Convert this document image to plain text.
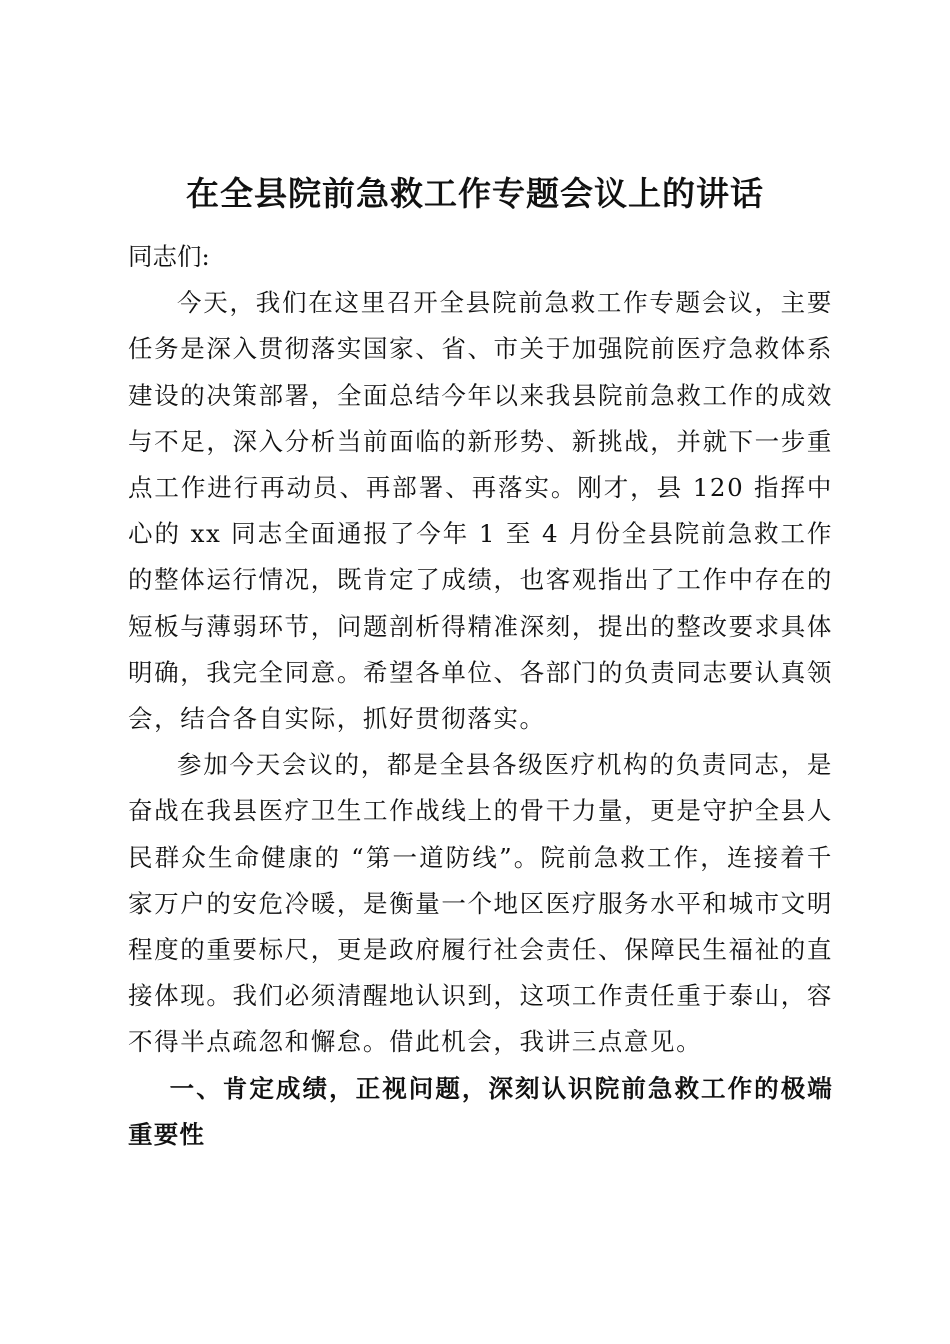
在全县院前急救工作专题会议上的讲话

同志们:

今天，我们在这里召开全县院前急救工作专题会议，主要任务是深入贯彻落实国家、省、市关于加强院前医疗急救体系建设的决策部署，全面总结今年以来我县院前急救工作的成效与不足，深入分析当前面临的新形势、新挑战，并就下一步重点工作进行再动员、再部署、再落实。刚才，县 120 指挥中心的 xx 同志全面通报了今年 1 至 4 月份全县院前急救工作的整体运行情况，既肯定了成绩，也客观指出了工作中存在的短板与薄弱环节，问题剖析得精准深刻，提出的整改要求具体明确，我完全同意。希望各单位、各部门的负责同志要认真领会，结合各自实际，抓好贯彻落实。

参加今天会议的，都是全县各级医疗机构的负责同志，是奋战在我县医疗卫生工作战线上的骨干力量，更是守护全县人民群众生命健康的 “第一道防线”。院前急救工作，连接着千家万户的安危冷暖，是衡量一个地区医疗服务水平和城市文明程度的重要标尺，更是政府履行社会责任、保障民生福祉的直接体现。我们必须清醒地认识到，这项工作责任重于泰山，容不得半点疏忽和懈怠。借此机会，我讲三点意见。

一、肯定成绩，正视问题，深刻认识院前急救工作的极端重要性
